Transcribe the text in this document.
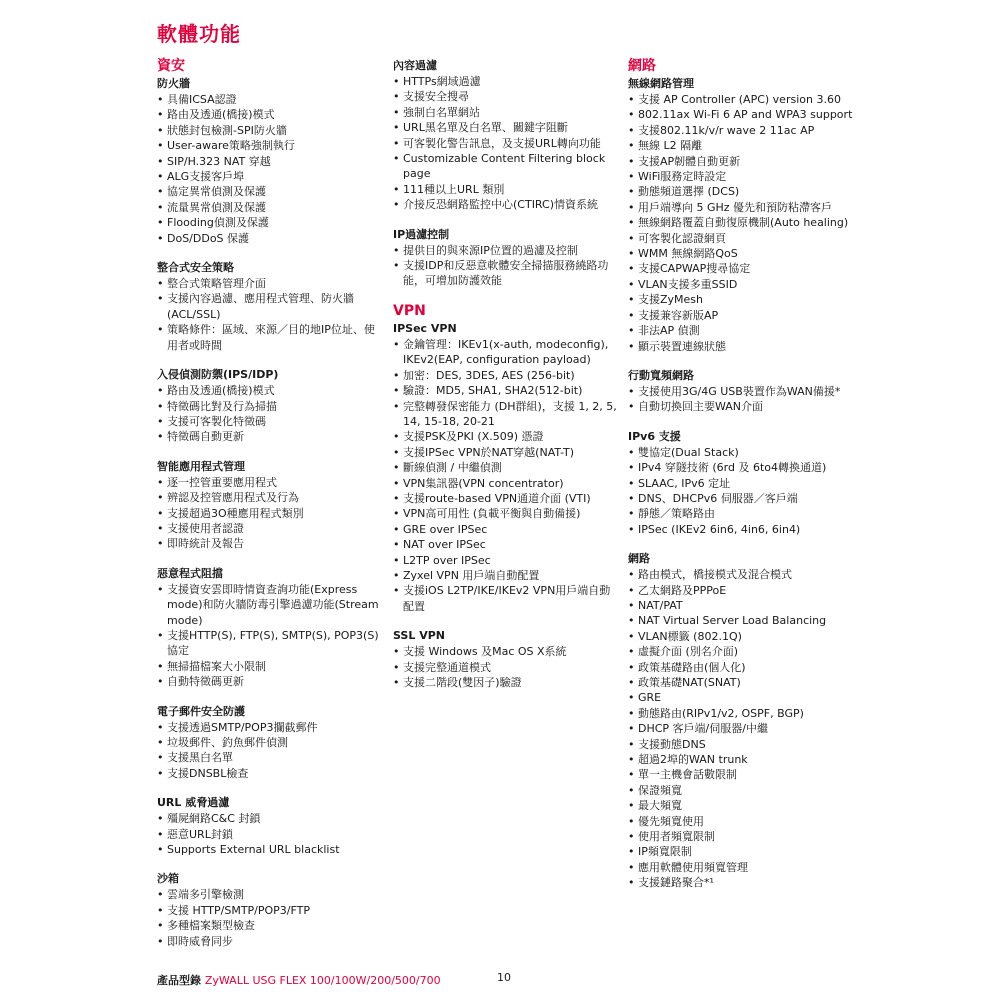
軟體功能
資安
防火牆
• 具備ICSA認證
• 路由及透通(橋接)模式
• 狀態封包檢測-SPI防火牆
• User-aware策略強制執行
• SIP/H.323 NAT 穿越
• ALG支援客戶埠
• 協定異常偵測及保護
• 流量異常偵測及保護
• Flooding偵測及保護
• DoS/DDoS 保護
整合式安全策略
• 整合式策略管理介面
• 支援內容過濾、應用程式管理、防火牆(ACL/SSL)
• 策略條件：區域、來源／目的地IP位址、使用者或時間
入侵偵測防禦(IPS/IDP)
• 路由及透通(橋接)模式
• 特徵碼比對及行為掃描
• 支援可客製化特徵碼
• 特徵碼自動更新
智能應用程式管理
• 逐一控管重要應用程式
• 辨認及控管應用程式及行為
• 支援超過3O種應用程式類別
• 支援使用者認證
• 即時統計及報告
惡意程式阻擋
• 支援資安雲即時情資查詢功能(Express mode)和防火牆防毒引擎過濾功能(Stream mode)
• 支援HTTP(S), FTP(S), SMTP(S), POP3(S)協定
• 無掃描檔案大小限制
• 自動特徵碼更新
電子郵件安全防護
• 支援透過SMTP/POP3攔截郵件
• 垃圾郵件、釣魚郵件偵測
• 支援黑白名單
• 支援DNSBL檢查
URL 威脅過濾
• 殭屍網路C&C 封鎖
• 惡意URL封鎖
• Supports External URL blacklist
沙箱
• 雲端多引擎檢測
• 支援 HTTP/SMTP/POP3/FTP
• 多種檔案類型檢查
• 即時威脅同步
內容過濾
• HTTPs網域過濾
• 支援安全搜尋
• 強制白名單網站
• URL黑名單及白名單、關鍵字阻斷
• 可客製化警告訊息，及支援URL轉向功能
• Customizable Content Filtering block page
• 111種以上URL 類別
• 介接反恐網路監控中心(CTIRC)情資系統
IP過濾控制
• 提供目的與來源IP位置的過濾及控制
• 支援IDP和反惡意軟體安全掃描服務繞路功能，可增加防護效能
VPN
IPSec VPN
• 金鑰管理：IKEv1(x-auth, modeconfig), IKEv2(EAP, configuration payload)
• 加密：DES, 3DES, AES (256-bit)
• 驗證：MD5, SHA1, SHA2(512-bit)
• 完整轉發保密能力 (DH群組)，支援 1, 2, 5, 14, 15-18, 20-21
• 支援PSK及PKI (X.509) 憑證
• 支援IPSec VPN於NAT穿越(NAT-T)
• 斷線偵測 / 中繼偵測
• VPN集訊器(VPN concentrator)
• 支援route-based VPN通道介面 (VTI)
• VPN高可用性 (負載平衡與自動備援)
• GRE over IPSec
• NAT over IPSec
• L2TP over IPSec
• Zyxel VPN 用戶端自動配置
• 支援iOS L2TP/IKE/IKEv2 VPN用戶端自動配置
SSL VPN
• 支援 Windows 及Mac OS X系統
• 支援完整通道模式
• 支援二階段(雙因子)驗證
網路
無線網路管理
• 支援 AP Controller (APC) version 3.60
• 802.11ax Wi-Fi 6 AP and WPA3 support
• 支援802.11k/v/r wave 2 11ac AP
• 無線 L2 隔離
• 支援AP韌體自動更新
• WiFi服務定時設定
• 動態頻道選擇 (DCS)
• 用戶端導向 5 GHz 優先和預防粘滯客戶
• 無線網路覆蓋自動復原機制(Auto healing)
• 可客製化認證網頁
• WMM 無線網路QoS
• 支援CAPWAP搜尋協定
• VLAN支援多重SSID
• 支援ZyMesh
• 支援兼容新版AP
• 非法AP 偵測
• 顯示裝置連線狀態
行動寬頻網路
• 支援使用3G/4G USB裝置作為WAN備援*
• 自動切換回主要WAN介面
IPv6 支援
• 雙協定(Dual Stack)
• IPv4 穿隧技術 (6rd 及 6to4轉換通道)
• SLAAC, IPv6 定址
• DNS、DHCPv6 伺服器／客戶端
• 靜態／策略路由
• IPSec (IKEv2 6in6, 4in6, 6in4)
網路
• 路由模式，橋接模式及混合模式
• 乙太網路及PPPoE
• NAT/PAT
• NAT Virtual Server Load Balancing
• VLAN標籤 (802.1Q)
• 虛擬介面 (別名介面)
• 政策基礎路由(個人化)
• 政策基礎NAT(SNAT)
• GRE
• 動態路由(RIPv1/v2, OSPF, BGP)
• DHCP 客戶端/伺服器/中繼
• 支援動態DNS
• 超過2埠的WAN trunk
• 單一主機會話數限制
• 保證頻寬
• 最大頻寬
• 優先頻寬使用
• 使用者頻寬限制
• IP頻寬限制
• 應用軟體使用頻寬管理
• 支援鏈路聚合*¹
產品型錄 ZyWALL USG FLEX 100/100W/200/500/700	10
